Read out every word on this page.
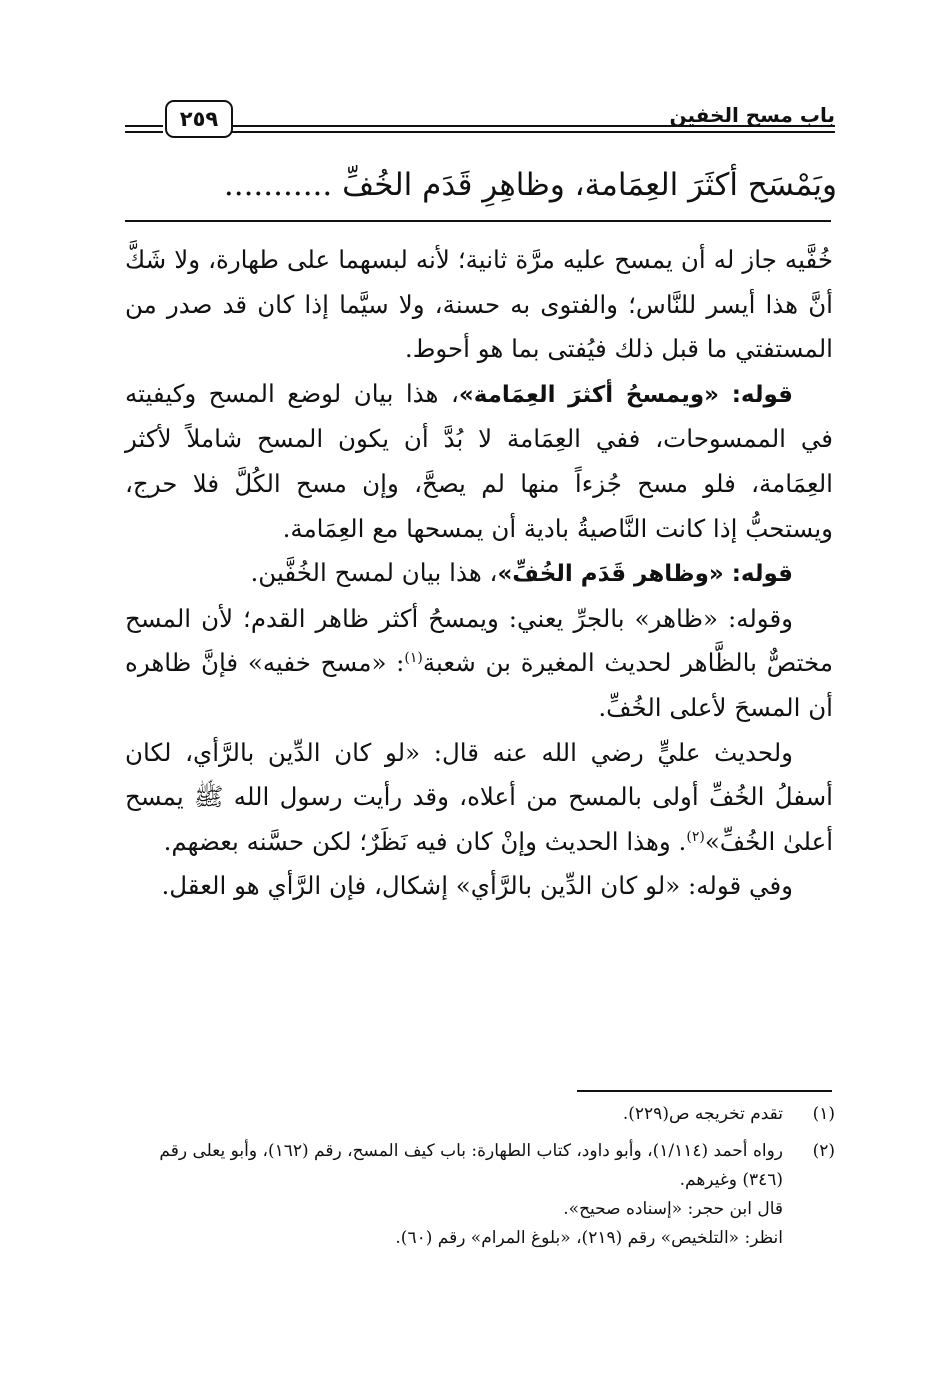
باب مسح الخفين
٢٥٩
ويَمْسَح أكثَرَ العِمَامة، وظاهِرِ قَدَم الخُفِّ ...........

خُفَّيه جاز له أن يمسح عليه مرَّة ثانية؛ لأنه لبسهما على طهارة، ولا شَكَّ أنَّ هذا أيسر للنَّاس؛ والفتوى به حسنة، ولا سيَّما إذا كان قد صدر من المستفتي ما قبل ذلك فيُفتى بما هو أحوط.

قوله: «ويمسحُ أكثرَ العِمَامة»، هذا بيان لوضع المسح وكيفيته في الممسوحات، ففي العِمَامة لا بُدَّ أن يكون المسح شاملاً لأكثر العِمَامة، فلو مسح جُزءاً منها لم يصحَّ، وإن مسح الكُلَّ فلا حرج، ويستحبُّ إذا كانت النَّاصيةُ بادية أن يمسحها مع العِمَامة.

قوله: «وظاهر قَدَم الخُفِّ»، هذا بيان لمسح الخُفَّين.

وقوله: «ظاهر» بالجرِّ يعني: ويمسحُ أكثر ظاهر القدم؛ لأن المسح مختصٌّ بالظَّاهر لحديث المغيرة بن شعبة$^{(١)}$: «مسح خفيه» فإنَّ ظاهره أن المسحَ لأعلى الخُفِّ.

ولحديث عليٍّ رضي الله عنه قال: «لو كان الدِّين بالرَّأي، لكان أسفلُ الخُفِّ أولى بالمسح من أعلاه، وقد رأيت رسول الله ﷺ يمسح أعلىٰ الخُفِّ»$^{(٢)}$. وهذا الحديث وإنْ كان فيه نَظَرٌ؛ لكن حسَّنه بعضهم.

وفي قوله: «لو كان الدِّين بالرَّأي» إشكال، فإن الرَّأي هو العقل.

(١)

تقدم تخريجه ص(٢٢٩).

(٢)

رواه أحمد (١/١١٤)، وأبو داود، كتاب الطهارة: باب كيف المسح، رقم (١٦٢)، وأبو يعلى رقم (٣٤٦) وغيرهم.

قال ابن حجر: «إسناده صحيح».

انظر: «التلخيص» رقم (٢١٩)، «بلوغ المرام» رقم (٦٠).
